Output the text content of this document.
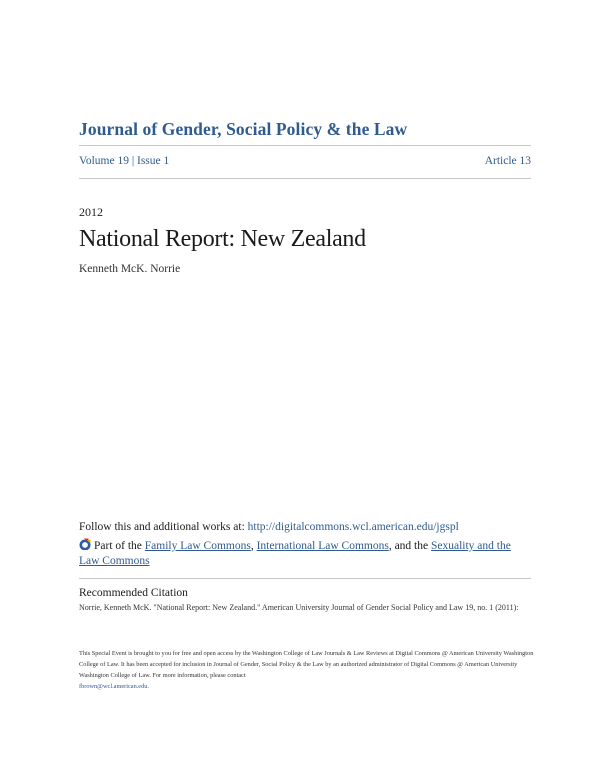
Journal of Gender, Social Policy & the Law
Volume 19 | Issue 1	Article 13
2012
National Report: New Zealand
Kenneth McK. Norrie
Follow this and additional works at: http://digitalcommons.wcl.american.edu/jgspl
Part of the Family Law Commons, International Law Commons, and the Sexuality and the Law Commons
Recommended Citation
Norrie, Kenneth McK. "National Report: New Zealand." American University Journal of Gender Social Policy and Law 19, no. 1 (2011):
This Special Event is brought to you for free and open access by the Washington College of Law Journals & Law Reviews at Digital Commons @ American University Washington College of Law. It has been accepted for inclusion in Journal of Gender, Social Policy & the Law by an authorized administrator of Digital Commons @ American University Washington College of Law. For more information, please contact
fbrown@wcl.american.edu.
